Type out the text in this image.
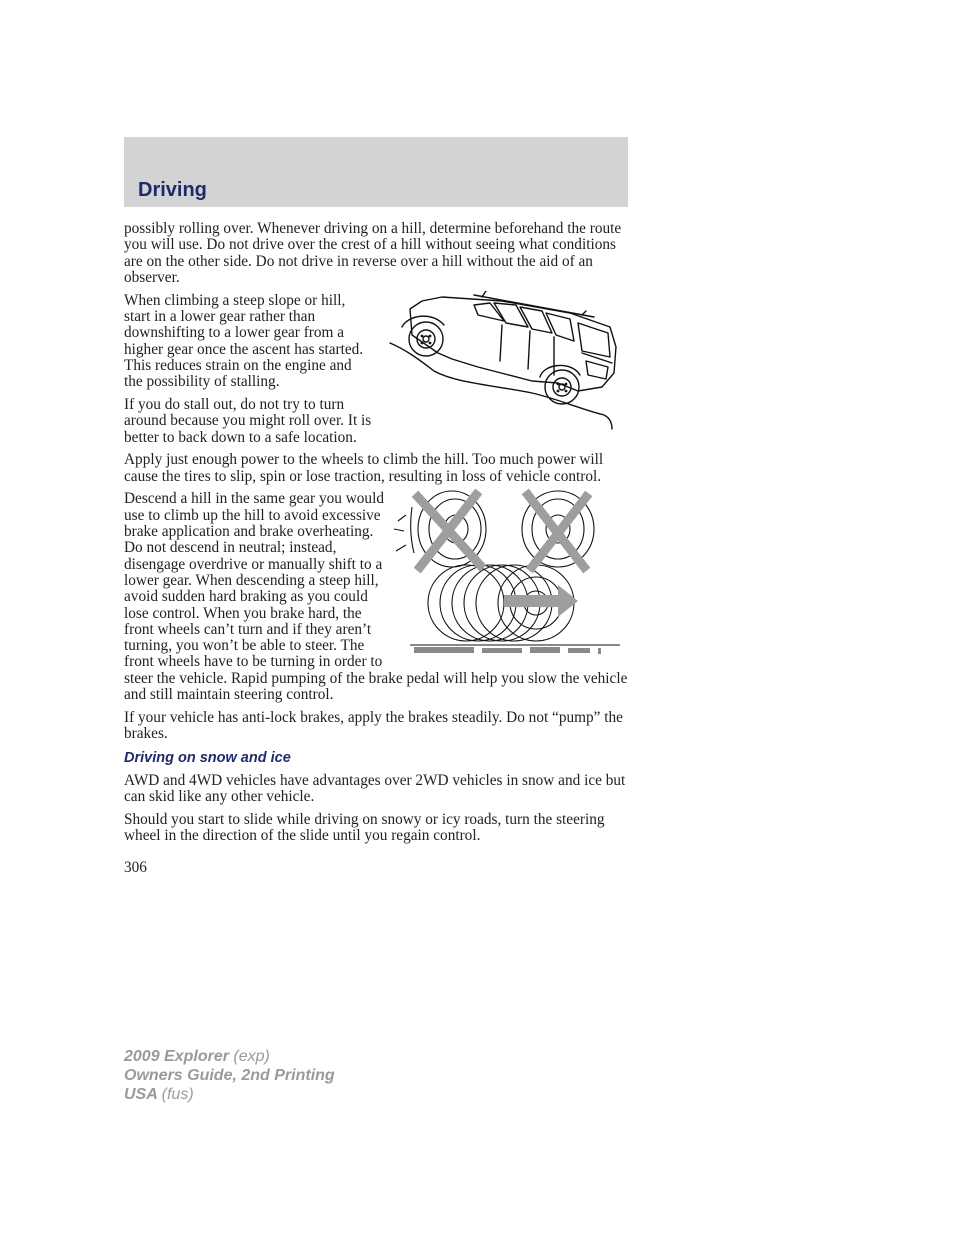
Driving

possibly rolling over. Whenever driving on a hill, determine beforehand the route you will use. Do not drive over the crest of a hill without seeing what conditions are on the other side. Do not drive in reverse over a hill without the aid of an observer.

When climbing a steep slope or hill, start in a lower gear rather than downshifting to a lower gear from a higher gear once the ascent has started. This reduces strain on the engine and the possibility of stalling.

If you do stall out, do not try to turn around because you might roll over. It is better to back down to a safe location.

Apply just enough power to the wheels to climb the hill. Too much power will cause the tires to slip, spin or lose traction, resulting in loss of vehicle control.

Descend a hill in the same gear you would use to climb up the hill to avoid excessive brake application and brake overheating. Do not descend in neutral; instead, disengage overdrive or manually shift to a lower gear. When descending a steep hill, avoid sudden hard braking as you could lose control. When you brake hard, the front wheels can’t turn and if they aren’t turning, you won’t be able to steer. The front wheels have to be turning in order to steer the vehicle. Rapid pumping of the brake pedal will help you slow the vehicle and still maintain steering control.

If your vehicle has anti-lock brakes, apply the brakes steadily. Do not “pump” the brakes.

Driving on snow and ice

AWD and 4WD vehicles have advantages over 2WD vehicles in snow and ice but can skid like any other vehicle.

Should you start to slide while driving on snowy or icy roads, turn the steering wheel in the direction of the slide until you regain control.

306
2009 Explorer (exp)
Owners Guide, 2nd Printing
USA (fus)
